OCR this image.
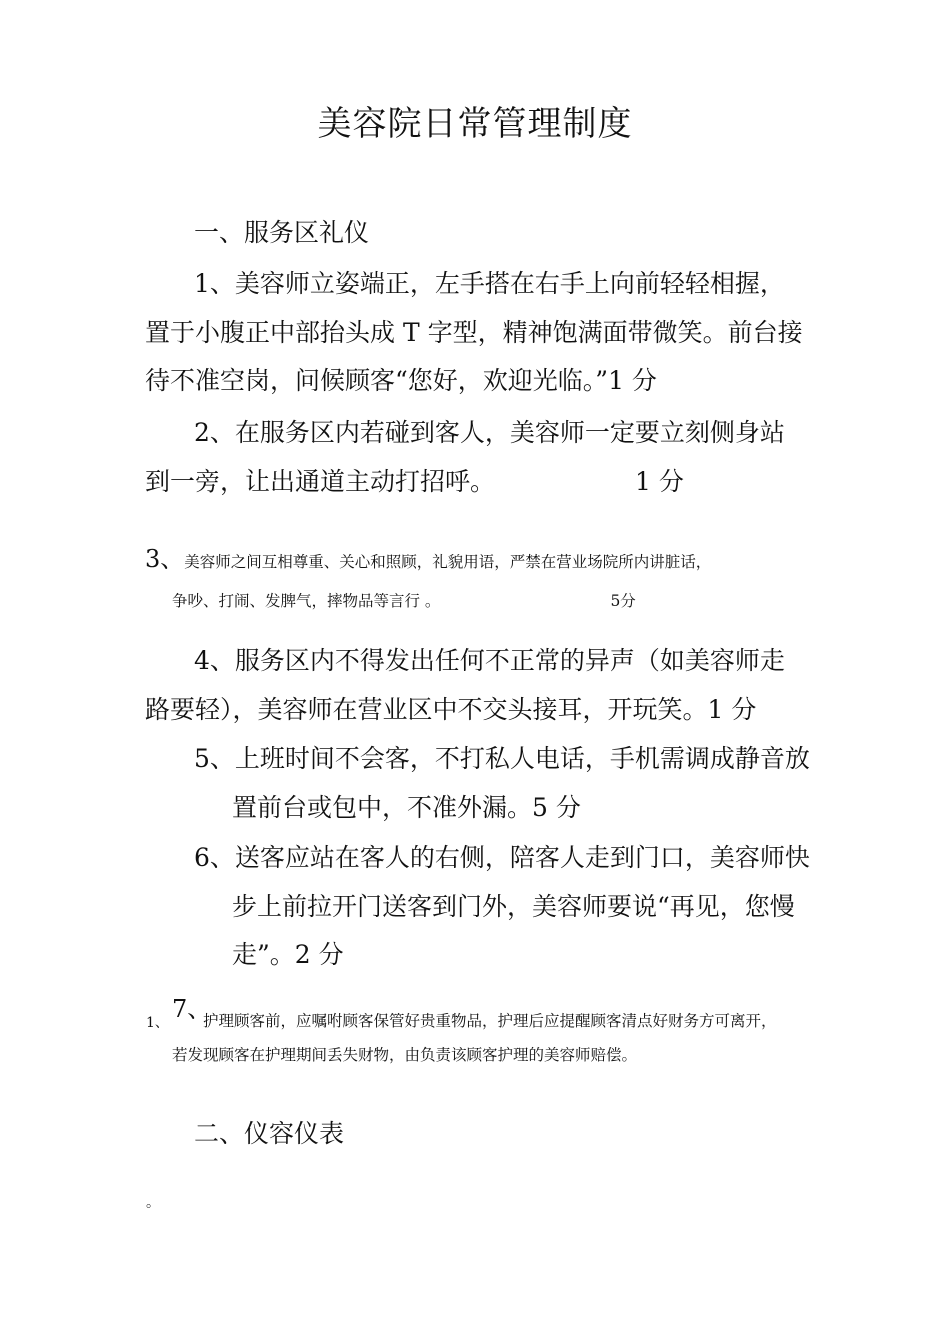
美容院日常管理制度
一、服务区礼仪
1、美容师立姿端正，左手搭在右手上向前轻轻相握，
置于小腹正中部抬头成 T 字型，精神饱满面带微笑。前台接
待不准空岗，问候顾客“您好，欢迎光临。”1 分
2、在服务区内若碰到客人，美容师一定要立刻侧身站
到一旁，让出通道主动打招呼。	1 分
3、美容师之间互相尊重、关心和照顾，礼貌用语，严禁在营业场院所内讲脏话，
争吵、打闹、发脾气，摔物品等言行 。	5分
4、服务区内不得发出任何不正常的异声（如美容师走
路要轻），美容师在营业区中不交头接耳，开玩笑。1 分
5、上班时间不会客，不打私人电话，手机需调成静音放
置前台或包中，不准外漏。5 分
6、送客应站在客人的右侧，陪客人走到门口，美容师快
步上前拉开门送客到门外，美容师要说“再见，您慢
走”。2 分
1、 7、
护理顾客前，应嘱咐顾客保管好贵重物品，护理后应提醒顾客清点好财务方可离开，
若发现顾客在护理期间丢失财物，由负责该顾客护理的美容师赔偿。
二、仪容仪表
。
